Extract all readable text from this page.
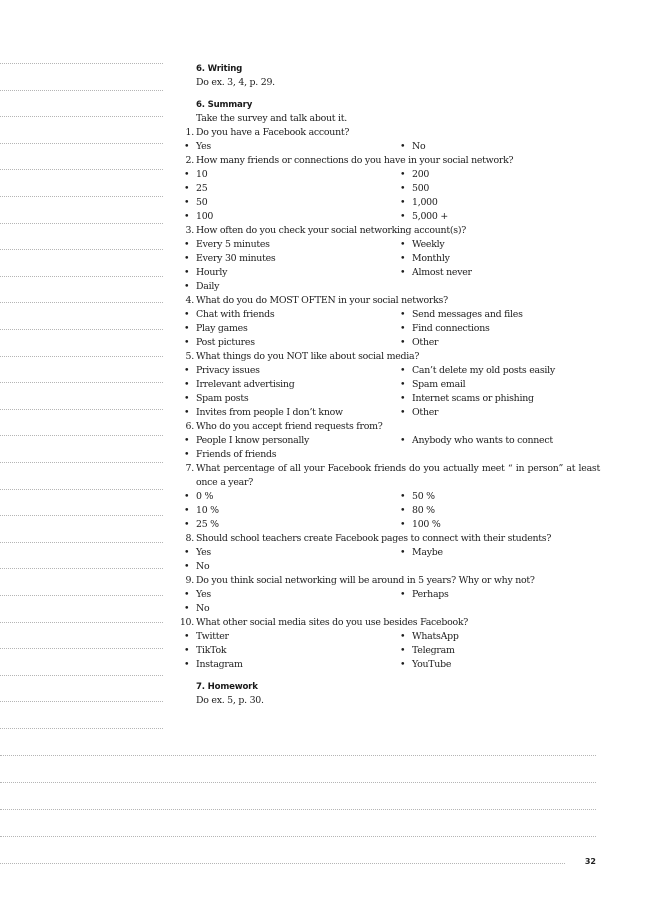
6. Writing
Do ex. 3, 4, p. 29.
6. Summary
Take the survey and talk about it.
1. Do you have a Facebook account?
• Yes	• No
2. How many friends or connections do you have in your social network?
• 10	• 200
• 25	• 500
• 50	• 1,000
• 100	• 5,000 +
3. How often do you check your social networking account(s)?
• Every 5 minutes	• Weekly
• Every 30 minutes	• Monthly
• Hourly	• Almost never
• Daily
4. What do you do MOST OFTEN in your social networks?
• Chat with friends	• Send messages and files
• Play games	• Find connections
• Post pictures	• Other
5. What things do you NOT like about social media?
• Privacy issues	• Can’t delete my old posts easily
• Irrelevant advertising	• Spam email
• Spam posts	• Internet scams or phishing
• Invites from people I don’t know	• Other
6. Who do you accept friend requests from?
• People I know personally	• Anybody who wants to connect
• Friends of friends
7. What percentage of all your Facebook friends do you actually meet “ in person” at least once a year?
• 0 %	• 50 %
• 10 %	• 80 %
• 25 %	• 100 %
8. Should school teachers create Facebook pages to connect with their students?
• Yes	• Maybe
• No
9. Do you think social networking will be around in 5 years? Why or why not?
• Yes	• Perhaps
• No
10. What other social media sites do you use besides Facebook?
• Twitter	• WhatsApp
• TikTok	• Telegram
• Instagram	• YouTube
7. Homework
Do ex. 5, p. 30.
32
